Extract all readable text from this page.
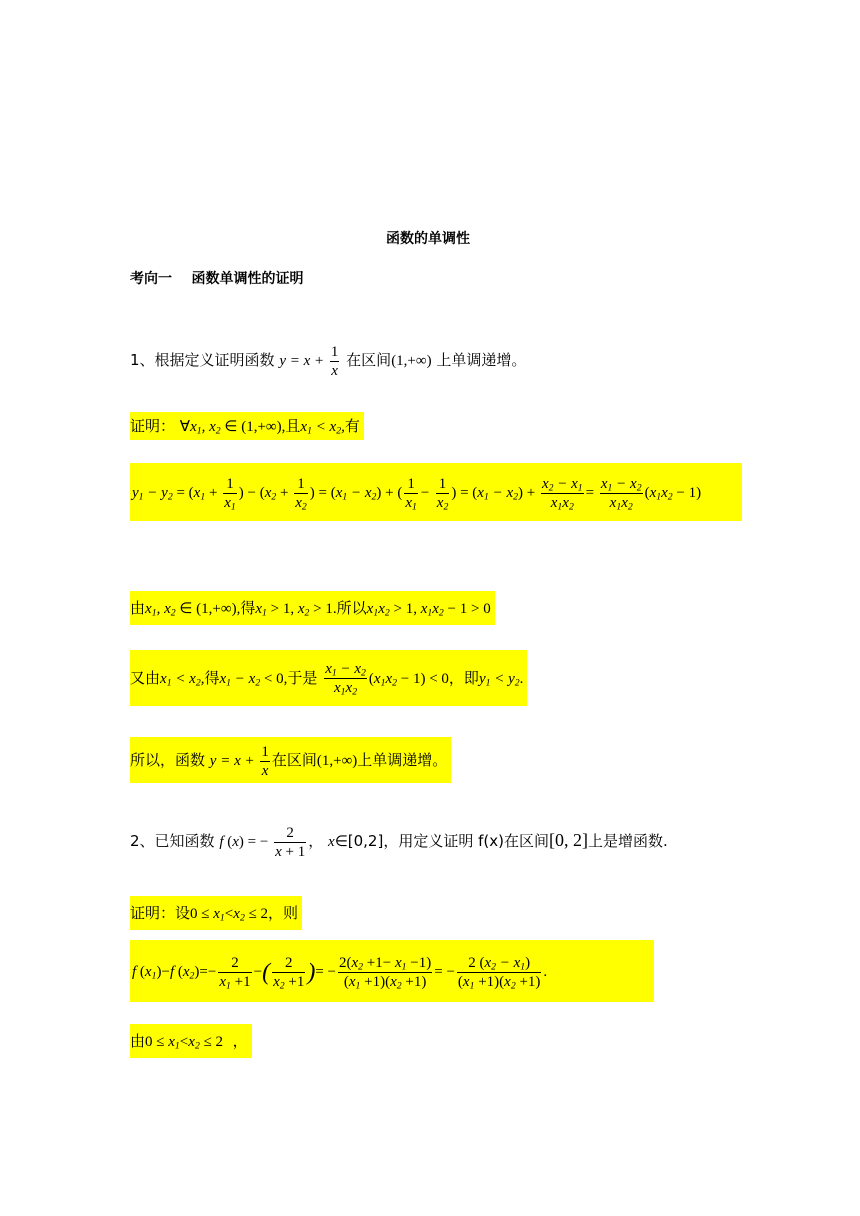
函数的单调性
考向一    函数单调性的证明
1、根据定义证明函数 $y = x + \frac{1}{x}$ 在区间(1,+∞) 上单调递增。
证明： $\forall x_1$, $x_2$ ∈ (1,+∞),且$x_1 < x_2$,有
$y_1 - y_2 = (x_1 + \frac{1}{x_1}$ ) − ($x_2 + \frac{1}{x_2}$ ) = $(x_1 - x_2)$ + ( $\frac{1}{x_1} - \frac{1}{x_2}$ ) = $(x_1 - x_2) + \frac{x_2 - x_1}{x_1x_2} = \frac{x_1 - x_2}{x_1x_2} (x_1x_2 - 1)$
由$x_1$, $x_2$ ∈ (1,+∞),得$x_1 > 1$, $x_2 > 1$.所以$x_1x_2 > 1$, $x_1x_2 - 1 > 0$
又由$x_1 < x_2$,得$x_1 - x_2 < 0$,于是 $\frac{x_1 - x_2}{x_1x_2} (x_1x_2 - 1) < 0$，即$y_1 < y_2$.
所以，函数 $y = x + \frac{1}{x}$ 在区间(1,+∞)上单调递增。
2、已知函数 f (x) = − $\frac{2}{x + 1}$ ， x∈[0,2]，用定义证明 f(x)在区间[0, 2]上是增函数.
证明：设$0 \le x_1<x_2 \le 2$，则
f $(x_1)-f$ $(x_2)=- \frac{2}{x_1 +1}$ −( $\frac{2}{x_2 +1}$ )= − $\frac{2(x_2 +1- x_1 -1)}{(x_1 +1)(x_2 +1)}$ = − $\frac{2 (x_2 - x_1)}{(x_1 +1)(x_2 +1)}$ .
由$0 \le x_1<x_2 \le 2$ ，
